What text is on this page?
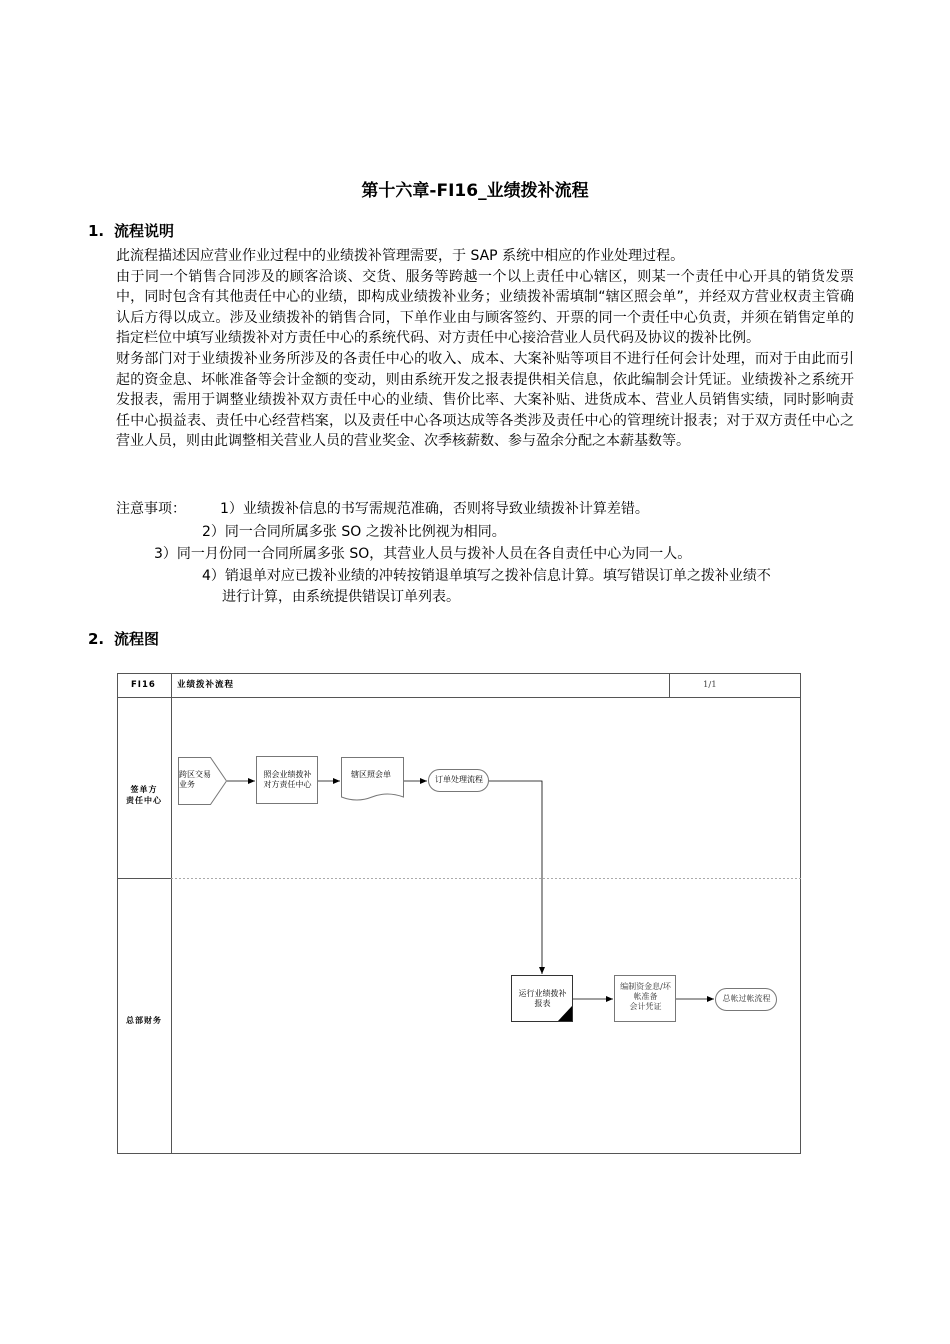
第十六章-FI16_业绩拨补流程
1. 流程说明

此流程描述因应营业作业过程中的业绩拨补管理需要，于 SAP 系统中相应的作业处理过程。

由于同一个销售合同涉及的顾客洽谈、交货、服务等跨越一个以上责任中心辖区，则某一个责任中心开具的销货发票中，同时包含有其他责任中心的业绩，即构成业绩拨补业务；业绩拨补需填制“辖区照会单”，并经双方营业权责主管确认后方得以成立。涉及业绩拨补的销售合同，下单作业由与顾客签约、开票的同一个责任中心负责，并须在销售定单的指定栏位中填写业绩拨补对方责任中心的系统代码、对方责任中心接洽营业人员代码及协议的拨补比例。

财务部门对于业绩拨补业务所涉及的各责任中心的收入、成本、大案补贴等项目不进行任何会计处理，而对于由此而引起的资金息、坏帐准备等会计金额的变动，则由系统开发之报表提供相关信息，依此编制会计凭证。业绩拨补之系统开发报表，需用于调整业绩拨补双方责任中心的业绩、售价比率、大案补贴、进货成本、营业人员销售实绩，同时影响责任中心损益表、责任中心经营档案，以及责任中心各项达成等各类涉及责任中心的管理统计报表；对于双方责任中心之营业人员，则由此调整相关营业人员的营业奖金、次季核薪数、参与盈余分配之本薪基数等。

注意事项： 1）业绩拨补信息的书写需规范准确，否则将导致业绩拨补计算差错。
2）同一合同所属多张 SO 之拨补比例视为相同。
3）同一月份同一合同所属多张 SO，其营业人员与拨补人员在各自责任中心为同一人。
4）销退单对应已拨补业绩的冲转按销退单填写之拨补信息计算。填写错误订单之拨补业绩不
进行计算，由系统提供错误订单列表。
2. 流程图
FI16 业绩拨补流程	1/1
签单方
责任中心
总部财务
跨区交易
业务
照会业绩拨补
对方责任中心
辖区照会单
订单处理流程
运行业绩拨补
报表
编制资金息/坏
帐准备
会计凭证
总帐过帐流程
